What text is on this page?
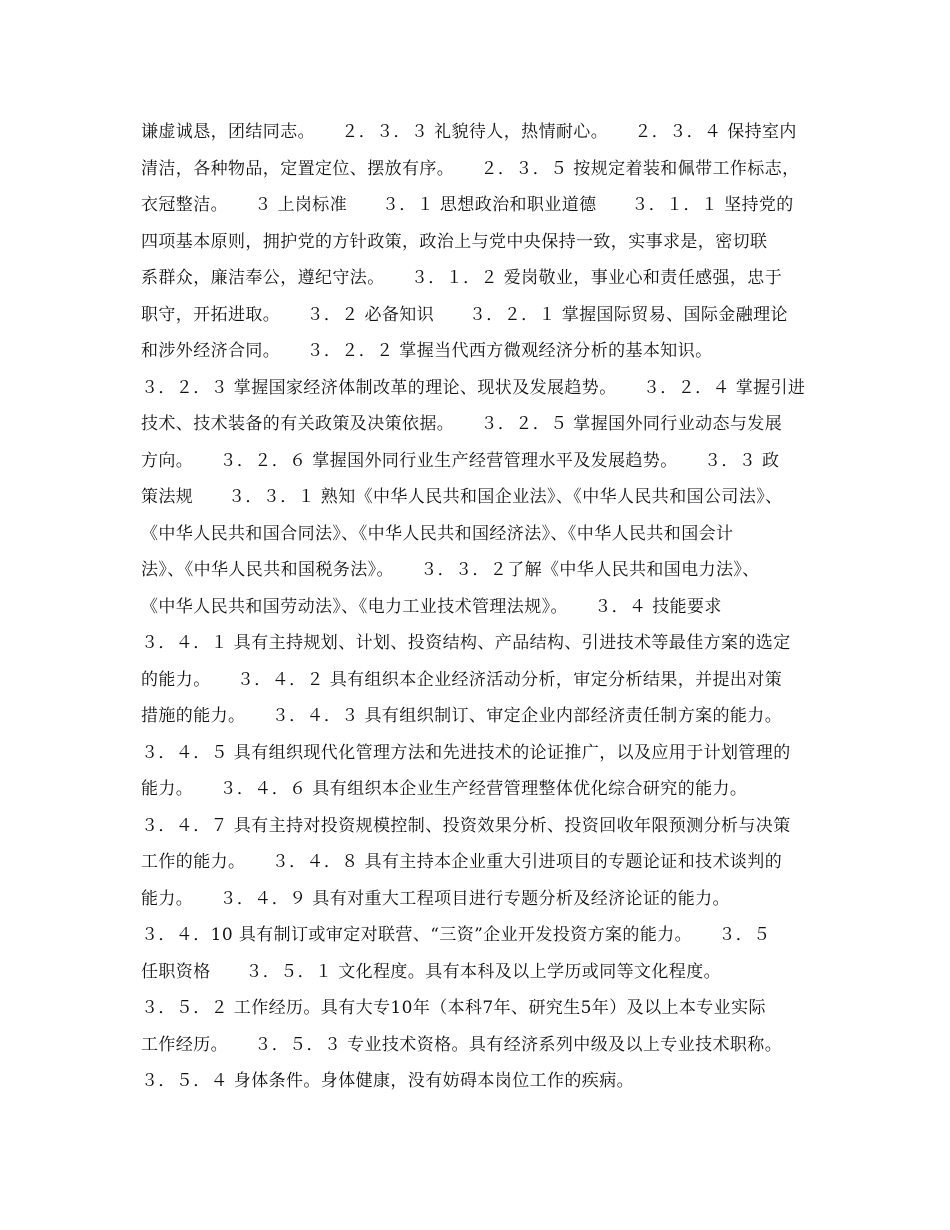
谦虚诚恳，团结同志。　　２．３．３ 礼貌待人，热情耐心。　　２．３．４ 保持室内
清洁，各种物品，定置定位、摆放有序。　　２．３．５ 按规定着装和佩带工作标志，
衣冠整洁。　　３ 上岗标准　　３．１ 思想政治和职业道德　　３．１．１ 坚持党的
四项基本原则，拥护党的方针政策，政治上与党中央保持一致，实事求是，密切联
系群众，廉洁奉公，遵纪守法。　　３．１．２ 爱岗敬业，事业心和责任感强，忠于
职守，开拓进取。　　３．２ 必备知识　　３．２．１ 掌握国际贸易、国际金融理论
和涉外经济合同。　　３．２．２ 掌握当代西方微观经济分析的基本知识。
３．２．３ 掌握国家经济体制改革的理论、现状及发展趋势。　　３．２．４ 掌握引进
技术、技术装备的有关政策及决策依据。　　３．２．５ 掌握国外同行业动态与发展
方向。　　３．２．６ 掌握国外同行业生产经营管理水平及发展趋势。　　３．３ 政
策法规　　３．３．１ 熟知《中华人民共和国企业法》、《中华人民共和国公司法》、
《中华人民共和国合同法》、《中华人民共和国经济法》、《中华人民共和国会计
法》、《中华人民共和国税务法》。　　３．３．２了解《中华人民共和国电力法》、
《中华人民共和国劳动法》、《电力工业技术管理法规》。　　３．４ 技能要求
３．４．１ 具有主持规划、计划、投资结构、产品结构、引进技术等最佳方案的选定
的能力。　　３．４．２ 具有组织本企业经济活动分析，审定分析结果，并提出对策
措施的能力。　　３．４．３ 具有组织制订、审定企业内部经济责任制方案的能力。
３．４．５ 具有组织现代化管理方法和先进技术的论证推广，以及应用于计划管理的
能力。　　３．４．６ 具有组织本企业生产经营管理整体优化综合研究的能力。
３．４．７ 具有主持对投资规模控制、投资效果分析、投资回收年限预测分析与决策
工作的能力。　　３．４．８ 具有主持本企业重大引进项目的专题论证和技术谈判的
能力。　　３．４．９ 具有对重大工程项目进行专题分析及经济论证的能力。
３．４．10 具有制订或审定对联营、“三资”企业开发投资方案的能力。　　３．５
任职资格　　３．５．１ 文化程度。具有本科及以上学历或同等文化程度。
３．５．２ 工作经历。具有大专10年（本科7年、研究生5年）及以上本专业实际
工作经历。　　３．５．３ 专业技术资格。具有经济系列中级及以上专业技术职称。
３．５．４ 身体条件。身体健康，没有妨碍本岗位工作的疾病。
